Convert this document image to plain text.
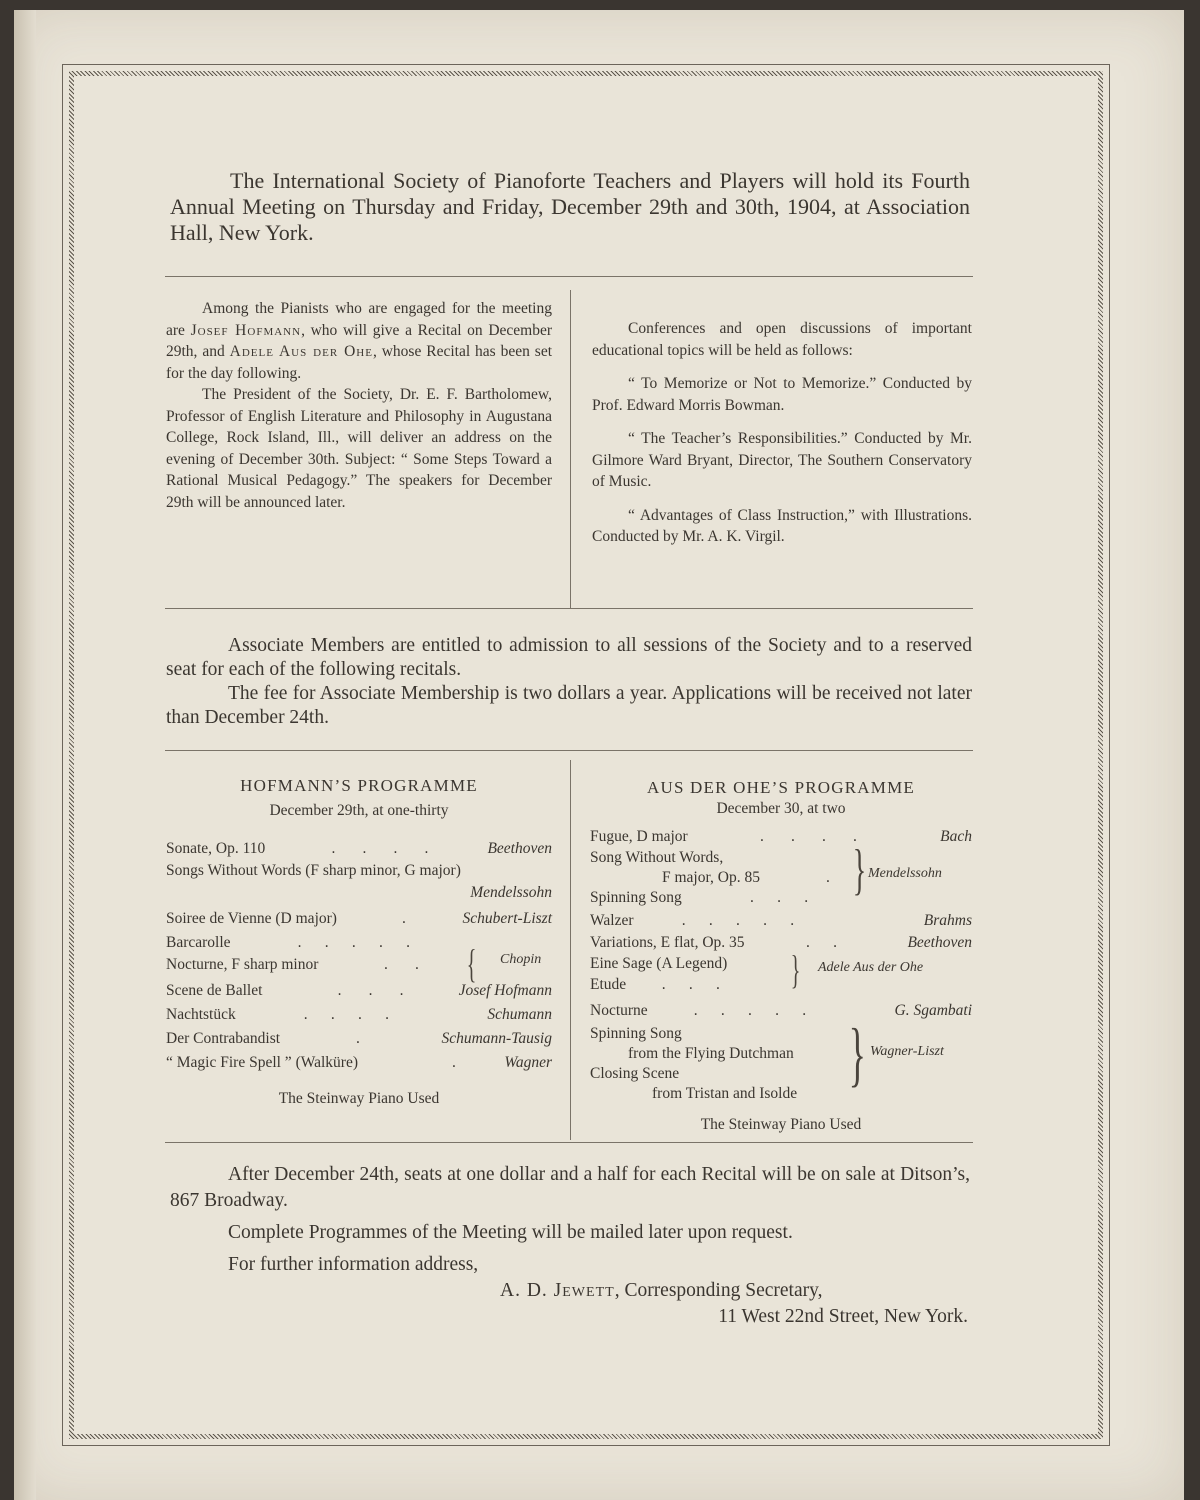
The International Society of Pianoforte Teachers and Players will hold its Fourth Annual Meeting on Thursday and Friday, December 29th and 30th, 1904, at Association Hall, New York.

Among the Pianists who are engaged for the meeting are Josef Hofmann, who will give a Recital on December 29th, and Adele Aus der Ohe, whose Recital has been set for the day following.

The President of the Society, Dr. E. F. Bartholomew, Professor of English Literature and Philosophy in Augustana College, Rock Island, Ill., will deliver an address on the evening of December 30th. Subject: “ Some Steps Toward a Rational Musical Pedagogy.” The speakers for December 29th will be announced later.

Conferences and open discussions of important educational topics will be held as follows:

“ To Memorize or Not to Memorize.” Conducted by Prof. Edward Morris Bowman.

“ The Teacher’s Responsibilities.” Conducted by Mr. Gilmore Ward Bryant, Director, The Southern Conservatory of Music.

“ Advantages of Class Instruction,” with Illustrations. Conducted by Mr. A. K. Virgil.

Associate Members are entitled to admission to all sessions of the Society and to a reserved seat for each of the following recitals.

The fee for Associate Membership is two dollars a year. Applications will be received not later than December 24th.

HOFMANN’S PROGRAMME
December 29th, at one-thirty
Sonate, Op. 110	.       .       .       .	Beethoven
Songs Without Words (F sharp minor, G major)
Mendelssohn
Soiree de Vienne (D major)	.	Schubert-Liszt
Barcarolle	.      .      .      .      .
Nocturne, F sharp minor	.       . { Chopin
Scene de Ballet	.       .       .	Josef Hofmann
Nachtstück	.      .      .      .	Schumann
Der Contrabandist	.	Schumann-Tausig
“ Magic Fire Spell ” (Walküre)	.	Wagner
The Steinway Piano Used
AUS DER OHE’S PROGRAMME
December 30, at two
Fugue, D major	.       .       .       .	Bach
Song Without Words,
F major, Op. 85	.
Spinning Song	.      .      . } Mendelssohn
Walzer	.      .      .      .      .	Brahms
Variations, E flat, Op. 35	.      .	Beethoven
Eine Sage (A Legend)
Etude .      .      . } Adele Aus der Ohe
Nocturne .      .      .      .      .	G. Sgambati
Spinning Song
from the Flying Dutchman
Closing Scene
from Tristan and Isolde } Wagner-Liszt
The Steinway Piano Used

After December 24th, seats at one dollar and a half for each Recital will be on sale at Ditson’s, 867 Broadway.

Complete Programmes of the Meeting will be mailed later upon request.

For further information address,

A. D. Jewett, Corresponding Secretary,

11 West 22nd Street, New York.
